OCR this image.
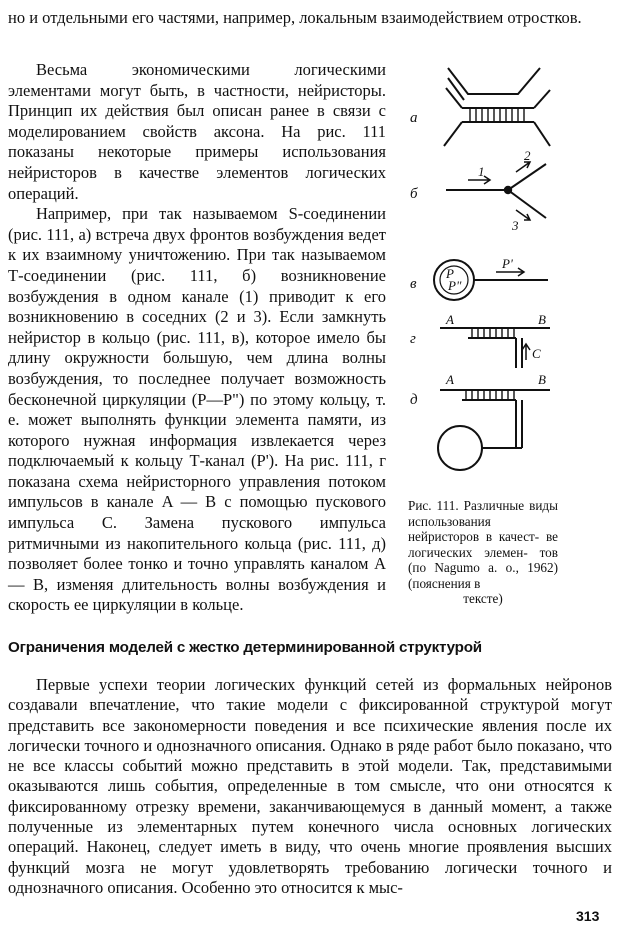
но и отдельными его частями, например, локальным взаимодействием отростков.

Весьма экономическими логическими элементами могут быть, в частности, нейристоры. Принцип их действия был описан ранее в связи с моделированием свойств аксона. На рис. 111 показаны некоторые примеры использования нейристоров в качестве элементов логических операций.

Например, при так называемом S-соединении (рис. 111, а) встреча двух фронтов возбуждения ведет к их взаимному уничтожению. При так называемом Т-соединении (рис. 111, б) возникновение возбуждения в одном канале (1) приводит к его возникновению в соседних (2 и 3). Если замкнуть нейристор в кольцо (рис. 111, в), которое имело бы длину окружности большую, чем длина волны возбуждения, то последнее получает возможность бесконечной циркуляции (P—P") по этому кольцу, т. е. может выполнять функции элемента памяти, из которого нужная информация извлекается через подключаемый к кольцу Т-канал (P'). На рис. 111, г показана схема нейристорного управления потоком импульсов в канале A — B с помощью пускового импульса С. Замена пускового импульса ритмичными из накопительного кольца (рис. 111, д) позволяет более тонко и точно управлять каналом A — B, изменяя длительность волны возбуждения и скорость ее циркуляции в кольце.

а
б
1
2
3
в
P
P"
P'
г
A	B
C
д
A	B
Рис. 111. Различные виды использования нейристоров в качест- ве логических элемен- тов (по Nagumo a. o., 1962) (пояснения в
тексте)
Ограничения моделей с жестко детерминированной структурой

Первые успехи теории логических функций сетей из формальных нейронов создавали впечатление, что такие модели с фиксированной структурой могут представить все закономерности поведения и все психические явления после их логически точного и однозначного описания. Однако в ряде работ было показано, что не все классы событий можно представить в этой модели. Так, представимыми оказываются лишь события, определенные в том смысле, что они относятся к фиксированному отрезку времени, заканчивающемуся в данный момент, а также полученные из элементарных путем конечного числа основных логических операций. Наконец, следует иметь в виду, что очень многие проявления высших функций мозга не могут удовлетворять требованию логически точного и однозначного описания. Особенно это относится к мыс-

313
